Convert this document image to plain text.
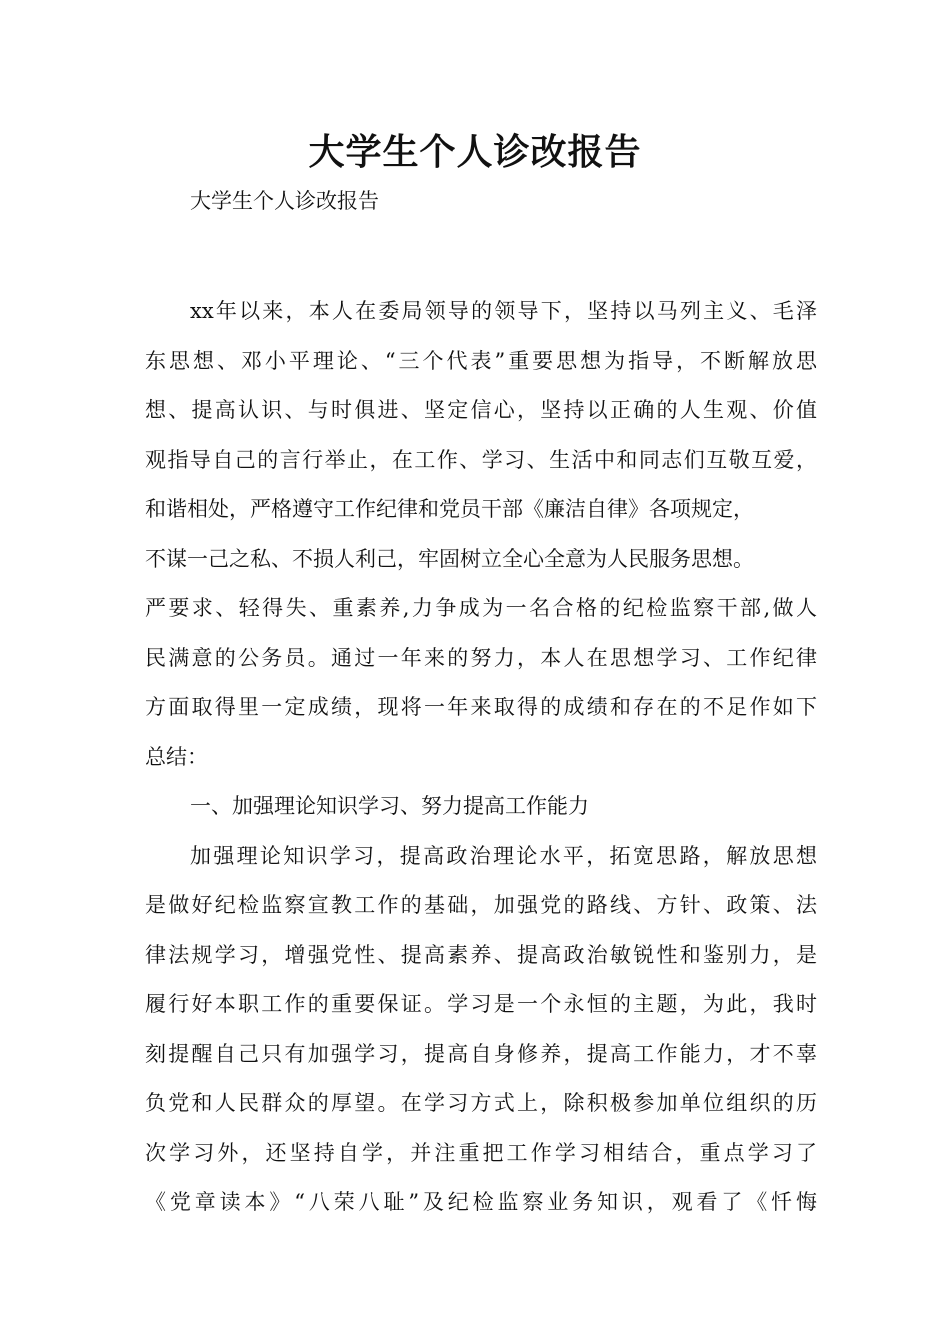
大学生个人诊改报告

大学生个人诊改报告

xx年以来，本人在委局领导的领导下，坚持以马列主义、毛泽
东思想、邓小平理论、“三个代表”重要思想为指导，不断解放思
想、提高认识、与时俱进、坚定信心，坚持以正确的人生观、价值
观指导自己的言行举止，在工作、学习、生活中和同志们互敬互爱，
和谐相处，严格遵守工作纪律和党员干部《廉洁自律》各项规定，
不谋一己之私、不损人利己，牢固树立全心全意为人民服务思想。
严要求、轻得失、重素养,力争成为一名合格的纪检监察干部,做人
民满意的公务员。通过一年来的努力，本人在思想学习、工作纪律
方面取得里一定成绩，现将一年来取得的成绩和存在的不足作如下
总结：
一、加强理论知识学习、努力提高工作能力
加强理论知识学习，提高政治理论水平，拓宽思路，解放思想
是做好纪检监察宣教工作的基础，加强党的路线、方针、政策、法
律法规学习，增强党性、提高素养、提高政治敏锐性和鉴别力，是
履行好本职工作的重要保证。学习是一个永恒的主题，为此，我时
刻提醒自己只有加强学习，提高自身修养，提高工作能力，才不辜
负党和人民群众的厚望。在学习方式上，除积极参加单位组织的历
次学习外，还坚持自学，并注重把工作学习相结合，重点学习了
《党章读本》“八荣八耻”及纪检监察业务知识，观看了《忏悔
